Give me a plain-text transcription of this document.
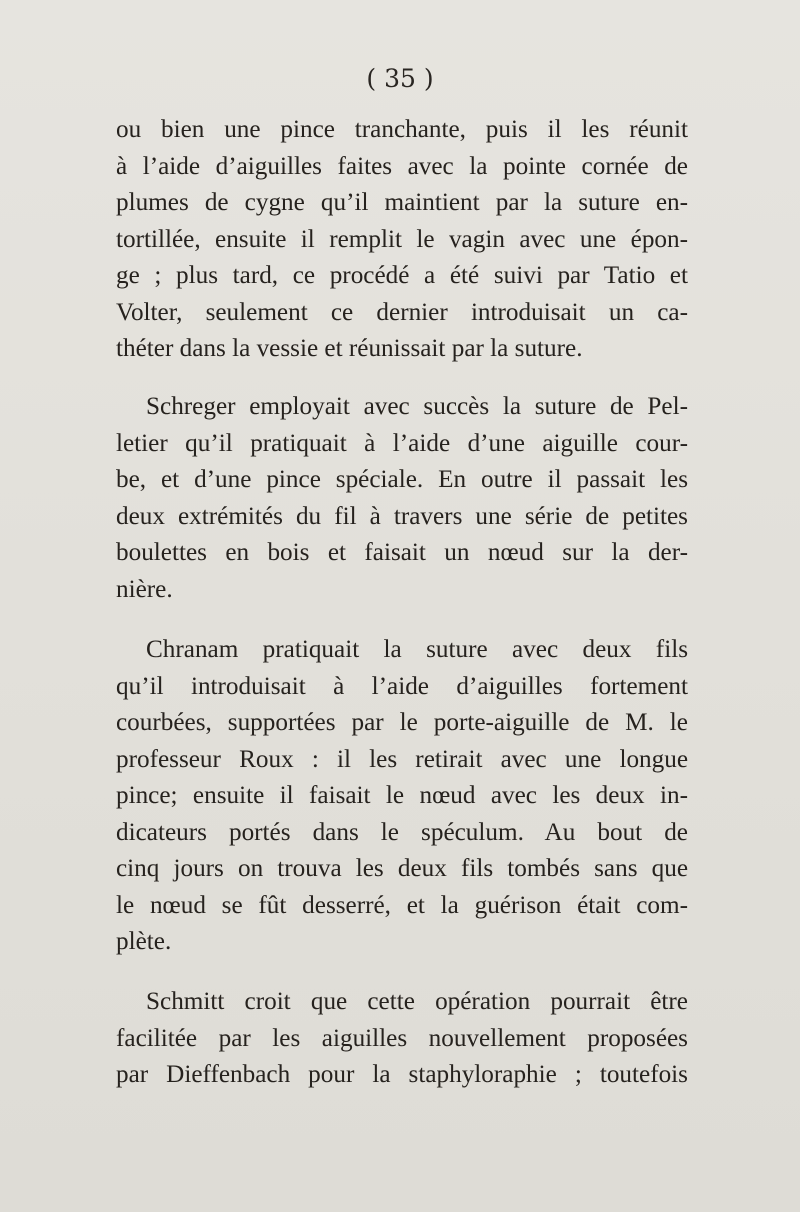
( 35 )
ou bien une pince tranchante, puis il les réunit
à l’aide d’aiguilles faites avec la pointe cornée de
plumes de cygne qu’il maintient par la suture en-
tortillée, ensuite il remplit le vagin avec une épon-
ge ; plus tard, ce procédé a été suivi par Tatio et
Volter, seulement ce dernier introduisait un ca-
théter dans la vessie et réunissait par la suture.
Schreger employait avec succès la suture de Pel-
letier qu’il pratiquait à l’aide d’une aiguille cour-
be, et d’une pince spéciale. En outre il passait les
deux extrémités du fil à travers une série de petites
boulettes en bois et faisait un nœud sur la der-
nière.
Chranam pratiquait la suture avec deux fils
qu’il introduisait à l’aide d’aiguilles fortement
courbées, supportées par le porte-aiguille de M. le
professeur Roux : il les retirait avec une longue
pince; ensuite il faisait le nœud avec les deux in-
dicateurs portés dans le spéculum. Au bout de
cinq jours on trouva les deux fils tombés sans que
le nœud se fût desserré, et la guérison était com-
plète.
Schmitt croit que cette opération pourrait être
facilitée par les aiguilles nouvellement proposées
par Dieffenbach pour la staphyloraphie ; toutefois
